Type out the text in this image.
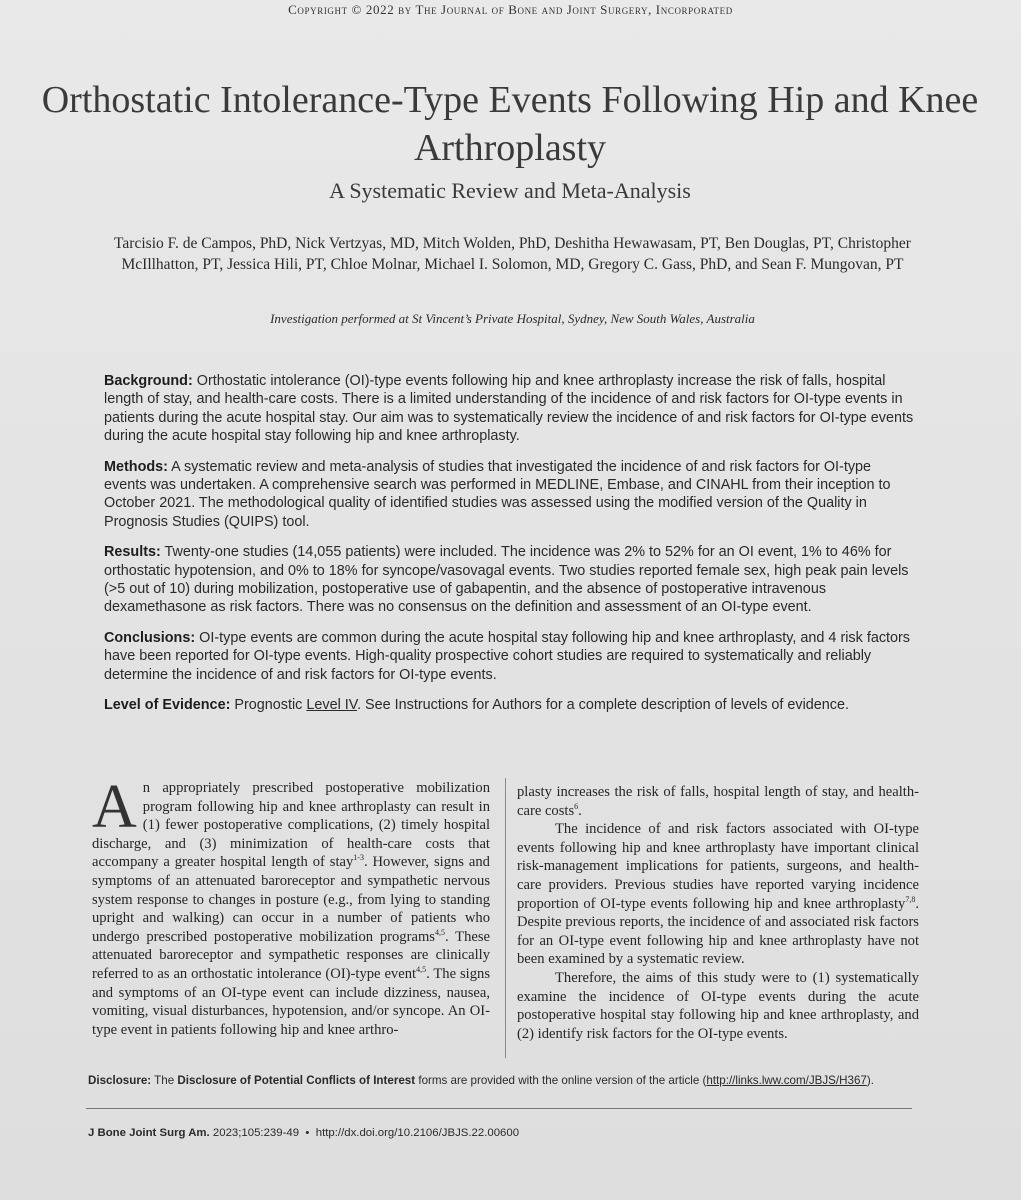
Copyright © 2022 by The Journal of Bone and Joint Surgery, Incorporated
Orthostatic Intolerance-Type Events Following Hip and Knee Arthroplasty
A Systematic Review and Meta-Analysis
Tarcisio F. de Campos, PhD, Nick Vertzyas, MD, Mitch Wolden, PhD, Deshitha Hewawasam, PT, Ben Douglas, PT, Christopher McIllhatton, PT, Jessica Hili, PT, Chloe Molnar, Michael I. Solomon, MD, Gregory C. Gass, PhD, and Sean F. Mungovan, PT
Investigation performed at St Vincent’s Private Hospital, Sydney, New South Wales, Australia

Background: Orthostatic intolerance (OI)-type events following hip and knee arthroplasty increase the risk of falls, hospital length of stay, and health-care costs. There is a limited understanding of the incidence of and risk factors for OI-type events in patients during the acute hospital stay. Our aim was to systematically review the incidence of and risk factors for OI-type events during the acute hospital stay following hip and knee arthroplasty.

Methods: A systematic review and meta-analysis of studies that investigated the incidence of and risk factors for OI-type events was undertaken. A comprehensive search was performed in MEDLINE, Embase, and CINAHL from their inception to October 2021. The methodological quality of identified studies was assessed using the modified version of the Quality in Prognosis Studies (QUIPS) tool.

Results: Twenty-one studies (14,055 patients) were included. The incidence was 2% to 52% for an OI event, 1% to 46% for orthostatic hypotension, and 0% to 18% for syncope/vasovagal events. Two studies reported female sex, high peak pain levels (>5 out of 10) during mobilization, postoperative use of gabapentin, and the absence of postoperative intravenous dexamethasone as risk factors. There was no consensus on the definition and assessment of an OI-type event.

Conclusions: OI-type events are common during the acute hospital stay following hip and knee arthroplasty, and 4 risk factors have been reported for OI-type events. High-quality prospective cohort studies are required to systematically and reliably determine the incidence of and risk factors for OI-type events.

Level of Evidence: Prognostic Level IV. See Instructions for Authors for a complete description of levels of evidence.

An appropriately prescribed postoperative mobilization program following hip and knee arthroplasty can result in (1) fewer postoperative complications, (2) timely hospital discharge, and (3) minimization of health-care costs that accompany a greater hospital length of stay$^{1-3}$. However, signs and symptoms of an attenuated baroreceptor and sympathetic nervous system response to changes in posture (e.g., from lying to standing upright and walking) can occur in a number of patients who undergo prescribed postoperative mobilization programs$^{4,5}$. These attenuated baroreceptor and sympathetic responses are clinically referred to as an orthostatic intolerance (OI)-type event$^{4,5}$. The signs and symptoms of an OI-type event can include dizziness, nausea, vomiting, visual disturbances, hypotension, and/or syncope. An OI-type event in patients following hip and knee arthro-

plasty increases the risk of falls, hospital length of stay, and health-care costs$^6$.

The incidence of and risk factors associated with OI-type events following hip and knee arthroplasty have important clinical risk-management implications for patients, surgeons, and health-care providers. Previous studies have reported varying incidence proportion of OI-type events following hip and knee arthroplasty$^{7,8}$. Despite previous reports, the incidence of and associated risk factors for an OI-type event following hip and knee arthroplasty have not been examined by a systematic review.

Therefore, the aims of this study were to (1) systematically examine the incidence of OI-type events during the acute postoperative hospital stay following hip and knee arthroplasty, and (2) identify risk factors for the OI-type events.

Disclosure: The Disclosure of Potential Conflicts of Interest forms are provided with the online version of the article (http://links.lww.com/JBJS/H367).
J Bone Joint Surg Am. 2023;105:239-49 • http://dx.doi.org/10.2106/JBJS.22.00600
